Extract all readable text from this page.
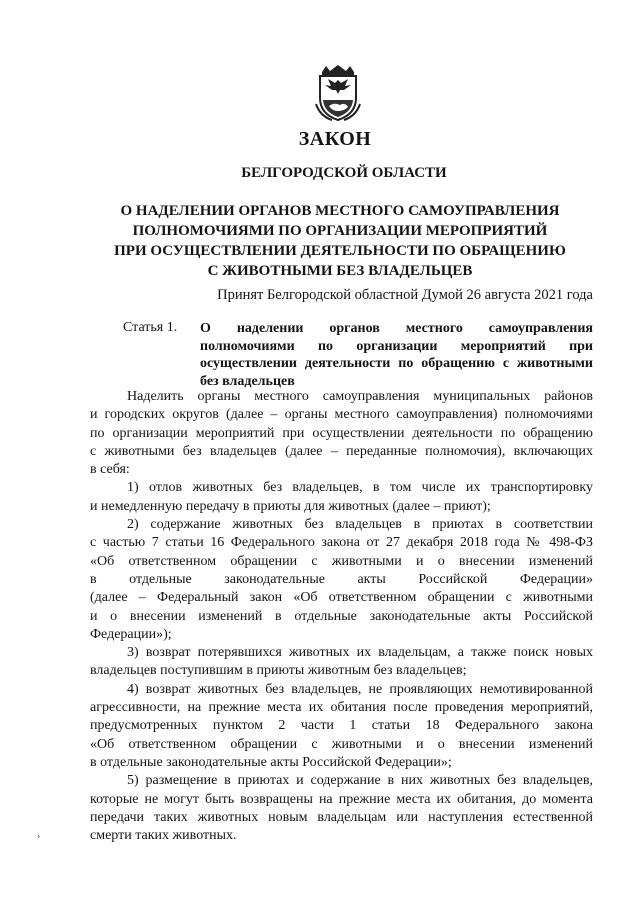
ЗАКОН
БЕЛГОРОДСКОЙ ОБЛАСТИ
О НАДЕЛЕНИИ ОРГАНОВ МЕСТНОГО САМОУПРАВЛЕНИЯ
ПОЛНОМОЧИЯМИ ПО ОРГАНИЗАЦИИ МЕРОПРИЯТИЙ
ПРИ ОСУЩЕСТВЛЕНИИ ДЕЯТЕЛЬНОСТИ ПО ОБРАЩЕНИЮ
С ЖИВОТНЫМИ БЕЗ ВЛАДЕЛЬЦЕВ
Принят Белгородской областной Думой 26 августа 2021 года
Статья 1. О наделении органов местного самоуправления
полномочиями по организации мероприятий при
осуществлении деятельности по обращению с животными
без владельцев
Наделить органы местного самоуправления муниципальных районов
и городских округов (далее – органы местного самоуправления) полномочиями
по организации мероприятий при осуществлении деятельности по обращению
с животными без владельцев (далее – переданные полномочия), включающих
в себя:
1) отлов животных без владельцев, в том числе их транспортировку
и немедленную передачу в приюты для животных (далее – приют);
2) содержание животных без владельцев в приютах в соответствии
с частью 7 статьи 16 Федерального закона от 27 декабря 2018 года № 498-ФЗ
«Об ответственном обращении с животными и о внесении изменений
в отдельные законодательные акты Российской Федерации»
(далее – Федеральный закон «Об ответственном обращении с животными
и о внесении изменений в отдельные законодательные акты Российской
Федерации»);
3) возврат потерявшихся животных их владельцам, а также поиск новых
владельцев поступившим в приюты животным без владельцев;
4) возврат животных без владельцев, не проявляющих немотивированной
агрессивности, на прежние места их обитания после проведения мероприятий,
предусмотренных пунктом 2 части 1 статьи 18 Федерального закона
«Об ответственном обращении с животными и о внесении изменений
в отдельные законодательные акты Российской Федерации»;
5) размещение в приютах и содержание в них животных без владельцев,
которые не могут быть возвращены на прежние места их обитания, до момента
передачи таких животных новым владельцам или наступления естественной
смерти таких животных.
›
